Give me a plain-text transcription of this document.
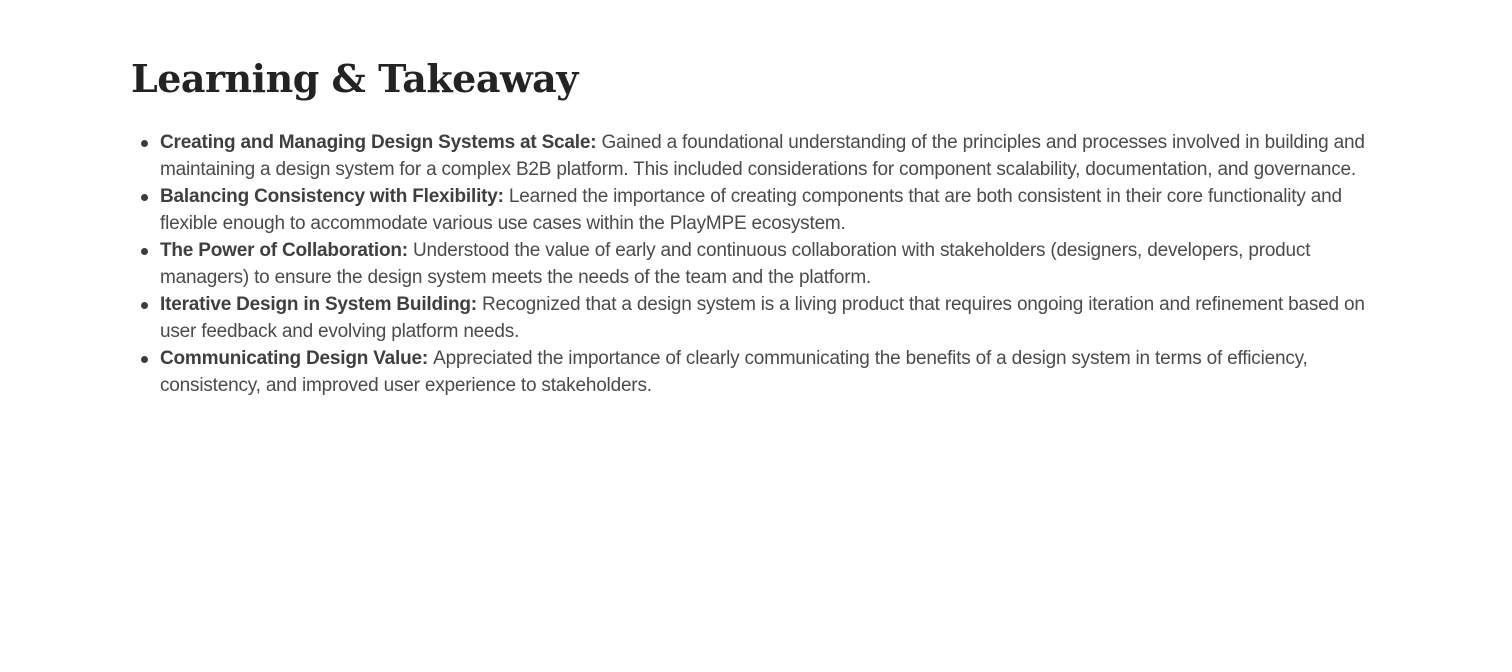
Learning & Takeaway
Creating and Managing Design Systems at Scale: Gained a foundational understanding of the principles and processes involved in building and maintaining a design system for a complex B2B platform. This included considerations for component scalability, documentation, and governance.
Balancing Consistency with Flexibility: Learned the importance of creating components that are both consistent in their core functionality and flexible enough to accommodate various use cases within the PlayMPE ecosystem.
The Power of Collaboration: Understood the value of early and continuous collaboration with stakeholders (designers, developers, product managers) to ensure the design system meets the needs of the team and the platform.
Iterative Design in System Building: Recognized that a design system is a living product that requires ongoing iteration and refinement based on user feedback and evolving platform needs.
Communicating Design Value: Appreciated the importance of clearly communicating the benefits of a design system in terms of efficiency, consistency, and improved user experience to stakeholders.
